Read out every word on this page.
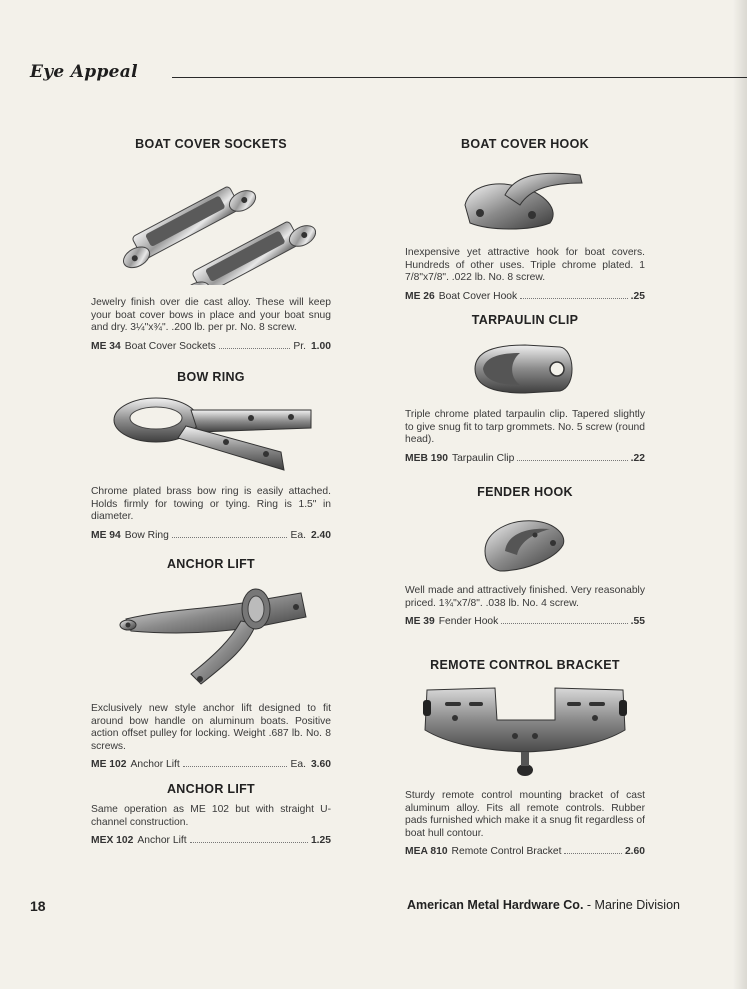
Eye Appeal
BOAT COVER SOCKETS
Jewelry finish over die cast alloy. These will keep your boat cover bows in place and your boat snug and dry. 3¼"x¾". .200 lb. per pr. No. 8 screw.
ME 34 Boat Cover Sockets	Pr. 1.00
BOW RING
Chrome plated brass bow ring is easily attached. Holds firmly for towing or tying. Ring is 1.5" in diameter.
ME 94 Bow Ring	Ea. 2.40
ANCHOR LIFT
Exclusively new style anchor lift designed to fit around bow handle on aluminum boats. Positive action offset pulley for locking. Weight .687 lb. No. 8 screws.
ME 102 Anchor Lift	Ea. 3.60
ANCHOR LIFT
Same operation as ME 102 but with straight U-channel construction.
MEX 102 Anchor Lift	1.25
BOAT COVER HOOK
Inexpensive yet attractive hook for boat covers. Hundreds of other uses. Triple chrome plated. 1 7/8"x7/8". .022 lb. No. 8 screw.
ME 26 Boat Cover Hook	.25
TARPAULIN CLIP
Triple chrome plated tarpaulin clip. Tapered slightly to give snug fit to tarp grommets. No. 5 screw (round head).
MEB 190 Tarpaulin Clip	.22
FENDER HOOK
Well made and attractively finished. Very reasonably priced. 1¾"x7/8". .038 lb. No. 4 screw.
ME 39 Fender Hook	.55
REMOTE CONTROL BRACKET
Sturdy remote control mounting bracket of cast aluminum alloy. Fits all remote controls. Rubber pads furnished which make it a snug fit regardless of boat hull contour.
MEA 810 Remote Control Bracket	2.60
18	American Metal Hardware Co. - Marine Division
